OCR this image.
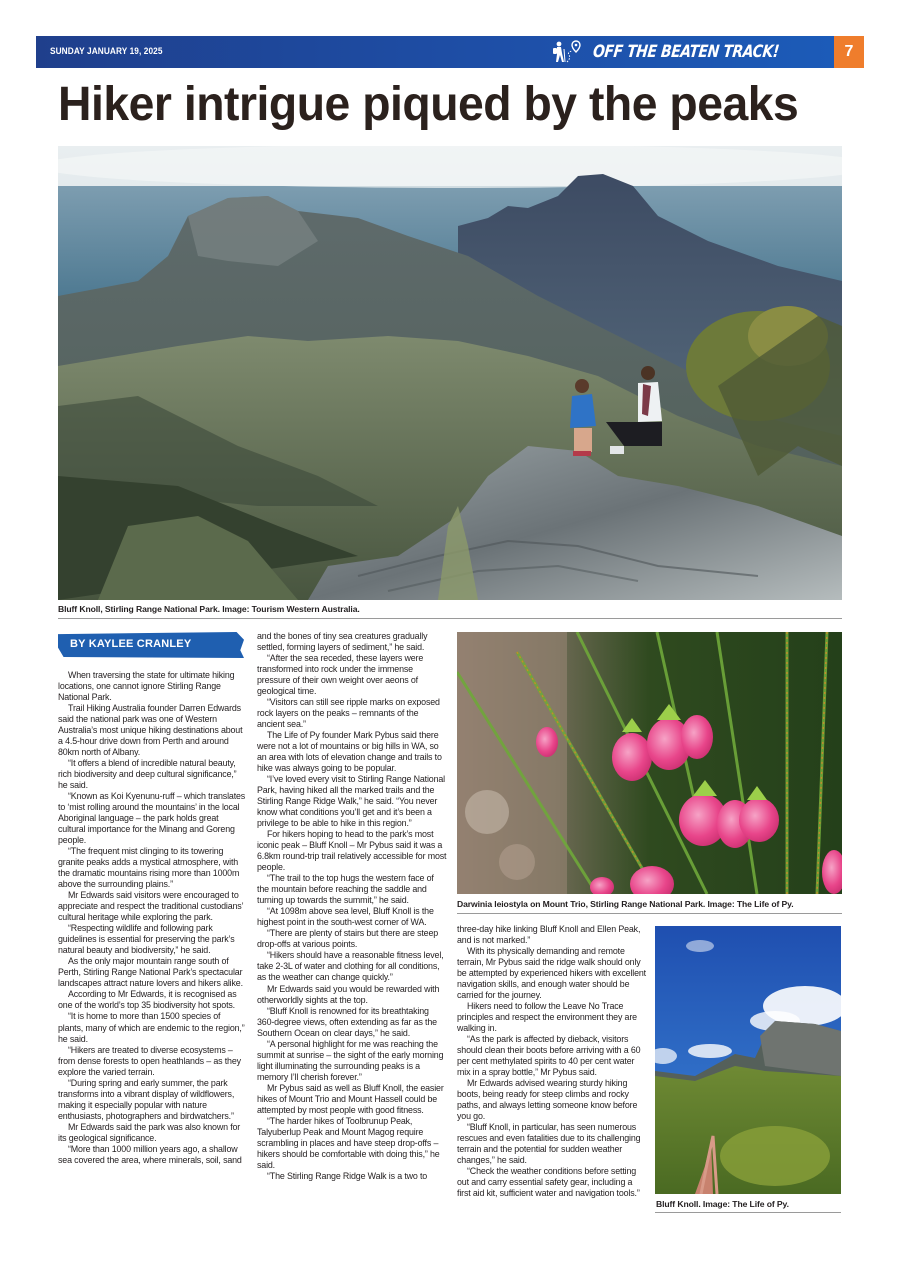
SUNDAY JANUARY 19, 2025	OFF THE BEATEN TRACK!	7
Hiker intrigue piqued by the peaks
Bluff Knoll, Stirling Range National Park. Image: Tourism Western Australia.
BY KAYLEE CRANLEY

When traversing the state for ultimate hiking locations, one cannot ignore Stirling Range National Park.

Trail Hiking Australia founder Darren Edwards said the national park was one of Western Australia’s most unique hiking destinations about a 4.5-hour drive down from Perth and around 80km north of Albany.

“It offers a blend of incredible natural beauty, rich biodiversity and deep cultural significance,” he said.

“Known as Koi Kyenunu-ruff – which translates to ‘mist rolling around the mountains’ in the local Aboriginal language – the park holds great cultural importance for the Minang and Goreng people.

“The frequent mist clinging to its towering granite peaks adds a mystical atmosphere, with the dramatic mountains rising more than 1000m above the surrounding plains.”

Mr Edwards said visitors were encouraged to appreciate and respect the traditional custodians’ cultural heritage while exploring the park.

“Respecting wildlife and following park guidelines is essential for preserving the park’s natural beauty and biodiversity,” he said.

As the only major mountain range south of Perth, Stirling Range National Park’s spectacular landscapes attract nature lovers and hikers alike.

According to Mr Edwards, it is recognised as one of the world’s top 35 biodiversity hot spots.

“It is home to more than 1500 species of plants, many of which are endemic to the region,” he said.

“Hikers are treated to diverse ecosystems – from dense forests to open heathlands – as they explore the varied terrain.

“During spring and early summer, the park transforms into a vibrant display of wildflowers, making it especially popular with nature enthusiasts, photographers and birdwatchers.”

Mr Edwards said the park was also known for its geological significance.

“More than 1000 million years ago, a shallow sea covered the area, where minerals, soil, sand

and the bones of tiny sea creatures gradually settled, forming layers of sediment,” he said.

“After the sea receded, these layers were transformed into rock under the immense pressure of their own weight over aeons of geological time.

“Visitors can still see ripple marks on exposed rock layers on the peaks – remnants of the ancient sea.”

The Life of Py founder Mark Pybus said there were not a lot of mountains or big hills in WA, so an area with lots of elevation change and trails to hike was always going to be popular.

“I’ve loved every visit to Stirling Range National Park, having hiked all the marked trails and the Stirling Range Ridge Walk,” he said. “You never know what conditions you’ll get and it’s been a privilege to be able to hike in this region.”

For hikers hoping to head to the park’s most iconic peak – Bluff Knoll – Mr Pybus said it was a 6.8km round-trip trail relatively accessible for most people.

“The trail to the top hugs the western face of the mountain before reaching the saddle and turning up towards the summit,” he said.

“At 1098m above sea level, Bluff Knoll is the highest point in the south-west corner of WA.

“There are plenty of stairs but there are steep drop-offs at various points.

“Hikers should have a reasonable fitness level, take 2-3L of water and clothing for all conditions, as the weather can change quickly.”

Mr Edwards said you would be rewarded with otherworldly sights at the top.

“Bluff Knoll is renowned for its breathtaking 360-degree views, often extending as far as the Southern Ocean on clear days,” he said.

“A personal highlight for me was reaching the summit at sunrise – the sight of the early morning light illuminating the surrounding peaks is a memory I’ll cherish forever.”

Mr Pybus said as well as Bluff Knoll, the easier hikes of Mount Trio and Mount Hassell could be attempted by most people with good fitness.

“The harder hikes of Toolbrunup Peak, Talyuberlup Peak and Mount Magog require scrambling in places and have steep drop-offs – hikers should be comfortable with doing this,” he said.

“The Stirling Range Ridge Walk is a two to

Darwinia leiostyla on Mount Trio, Stirling Range National Park. Image: The Life of Py.

three-day hike linking Bluff Knoll and Ellen Peak, and is not marked.”

With its physically demanding and remote terrain, Mr Pybus said the ridge walk should only be attempted by experienced hikers with excellent navigation skills, and enough water should be carried for the journey.

Hikers need to follow the Leave No Trace principles and respect the environment they are walking in.

“As the park is affected by dieback, visitors should clean their boots before arriving with a 60 per cent methylated spirits to 40 per cent water mix in a spray bottle,” Mr Pybus said.

Mr Edwards advised wearing sturdy hiking boots, being ready for steep climbs and rocky paths, and always letting someone know before you go.

“Bluff Knoll, in particular, has seen numerous rescues and even fatalities due to its challenging terrain and the potential for sudden weather changes,” he said.

“Check the weather conditions before setting out and carry essential safety gear, including a first aid kit, sufficient water and navigation tools.”

Bluff Knoll. Image: The Life of Py.
